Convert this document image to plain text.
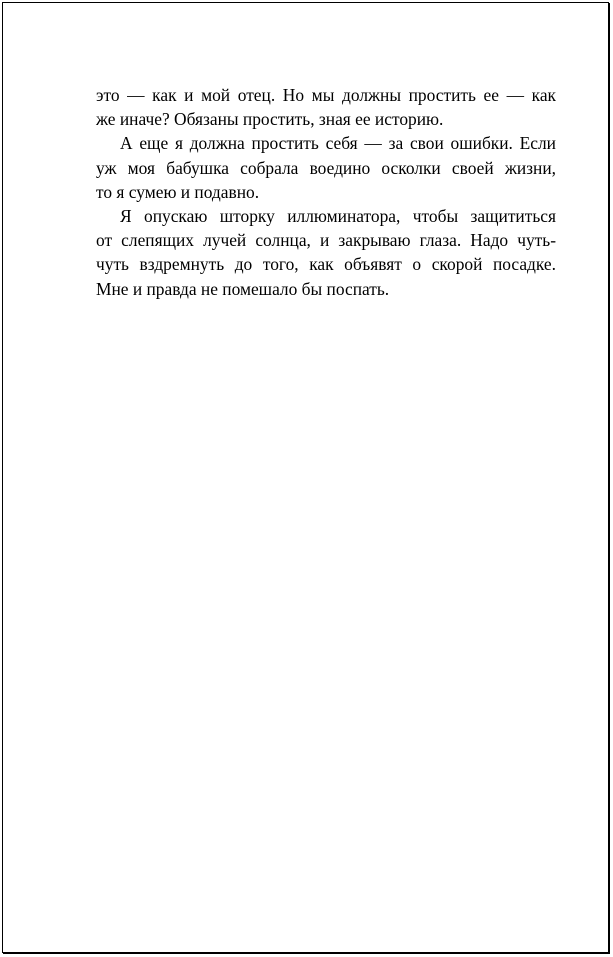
это — как и мой отец. Но мы должны простить ее — как
же иначе? Обязаны простить, зная ее историю.

А еще я должна простить себя — за свои ошибки. Если
уж моя бабушка собрала воедино осколки своей жизни,
то я сумею и подавно.

Я опускаю шторку иллюминатора, чтобы защититься
от слепящих лучей солнца, и закрываю глаза. Надо чуть-
чуть вздремнуть до того, как объявят о скорой посадке.
Мне и правда не помешало бы поспать.
